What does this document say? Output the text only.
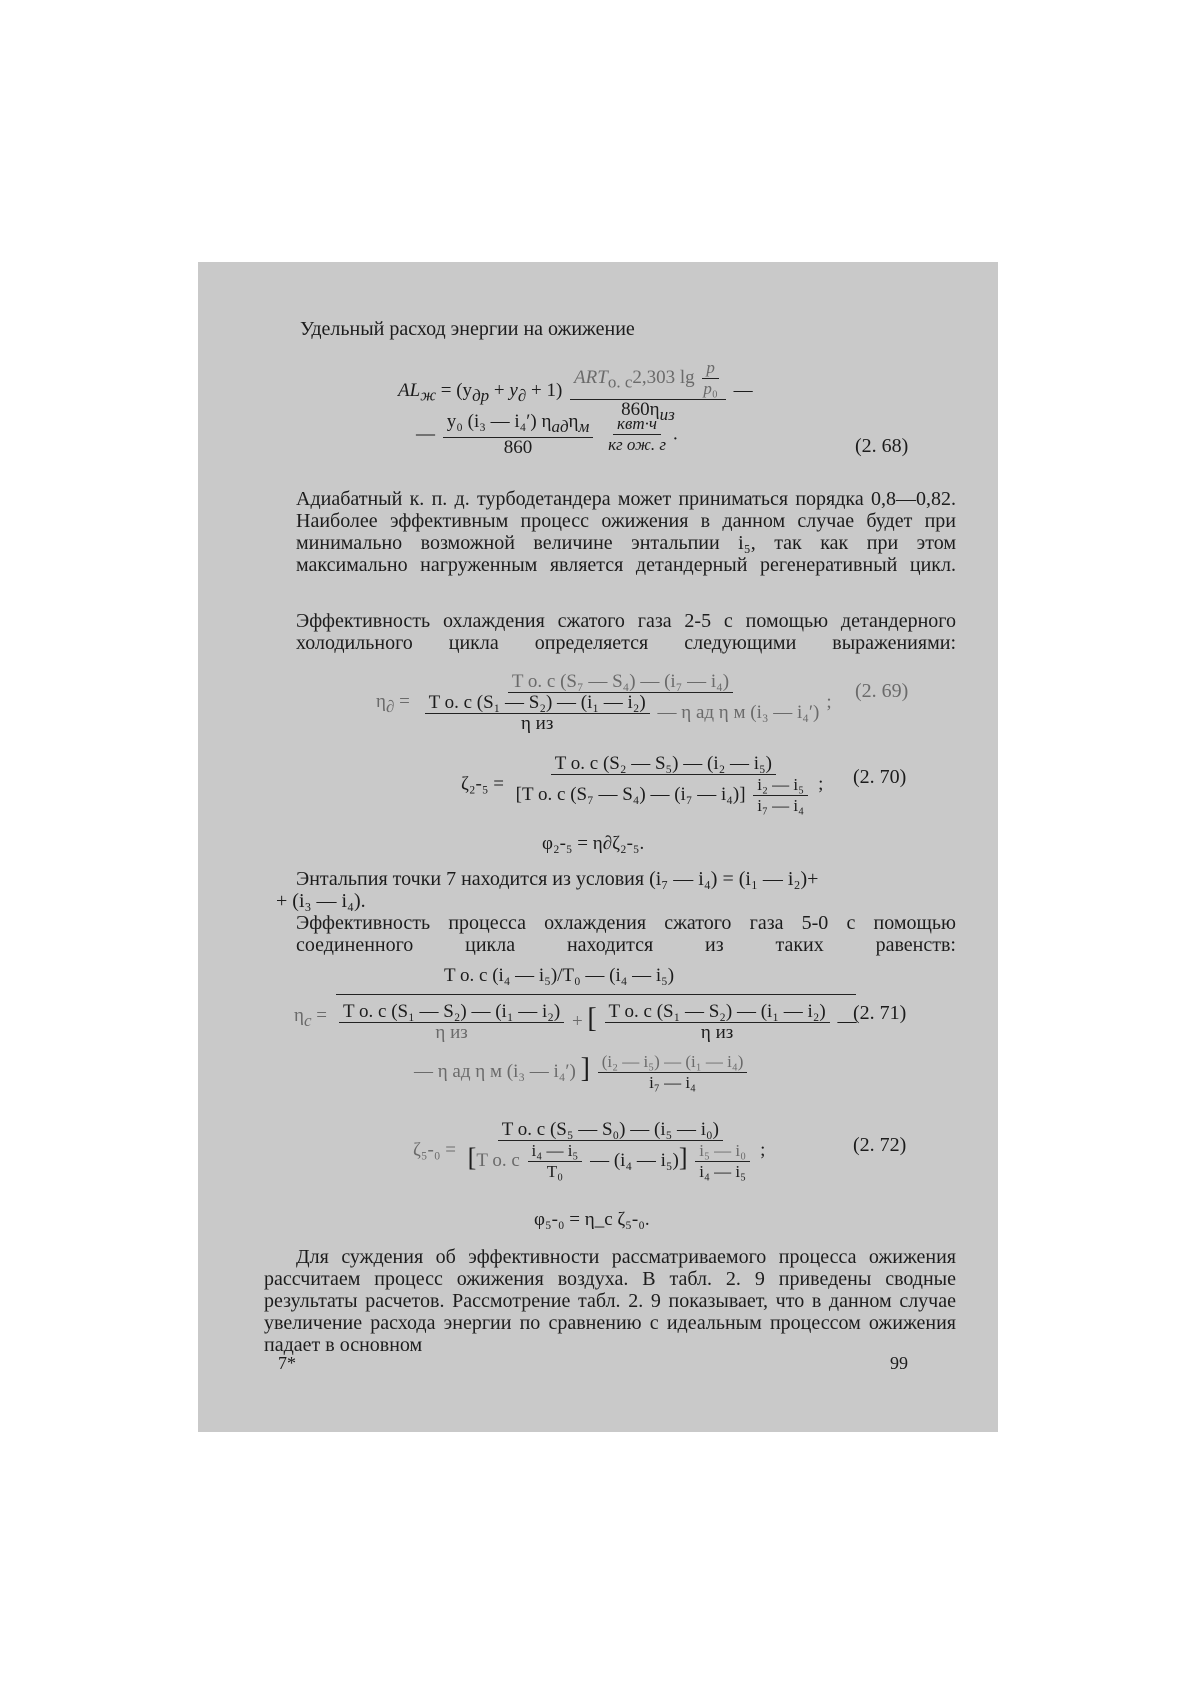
Удельный расход энергии на ожижение
$AL_ж = (y_{др} + y_\partial + 1) \frac{ART_{о. с}2,303 \lg \frac{p}{\text{p₀}}}{860\eta_{из}}$ —
— $\frac{y_0 (i_3 — i_4') \eta_{ад}\eta_м}{860}$
$\frac{\text{квт·ч}}{\text{кг ож. г}}$ .
(2. 68)
Адиабатный к. п. д. турбодетандера может приниматься порядка 0,8—0,82. Наиболее эффективным процесс ожижения в данном случае будет при минимально возможной величине энтальпии i₅, так как при этом максимально нагруженным является детандерный регенеративный цикл.
Эффективность охлаждения сжатого газа 2-5 с помощью детандерного холодильного цикла определяется следующими выражениями:
$\eta_\partial$ =
T о. с (S₇ — S₄) — (i₇ — i₄)
$\frac{\text{T о. с (S₁ — S₂) — (i₁ — i₂)}}{\text{η из}}$ — η ад η м (i₃ — i₄′) ; (2. 69)
$\zeta_2-_5 = \frac{\text{T о. с (S₂ — S₅) — (i₂ — i₅)}}{[T о. с (S_7 — S_4) — (i_7 — i_4)] \frac{\text{i₂ — i₅}}{\text{i₇ — i₄}}}$ ; (2. 70)
φ₂-₅ = η∂ζ₂-₅.
Энтальпия точки 7 находится из условия (i₇ — i₄) = (i₁ — i₂)+
+ (i₃ — i₄).
Эффективность процесса охлаждения сжатого газа 5-0 с помощью соединенного цикла находится из таких равенств:
$\eta_c$ =
T о. с (i₄ — i₅)/T₀ — (i₄ — i₅)
$\frac{\text{T о. с (S₁ — S₂) — (i₁ — i₂)}}{\text{η из}}$ + [ $\frac{\text{T о. с (S₁ — S₂) — (i₁ — i₂)}}{\text{η из}}$ —
— η ад η м (i₃ — i₄′) ] $\frac{\text{(i₂ — i₅) — (i₁ — i₄)}}{\text{i₇ — i₄}}$
(2. 71)
ζ₅-₀ =
T о. с (S₅ — S₀) — (i₅ — i₀)
[T о. с $\frac{\text{i₄ — i₅}}{\text{T₀}}$ — (i₄ — $i_5)] \frac{\text{i₅ — i₀}}{\text{i₄ — i₅}}$ ;	(2. 72)
φ₅-₀ = η_c ζ₅-₀.
Для суждения об эффективности рассматриваемого процесса ожижения рассчитаем процесс ожижения воздуха. В табл. 2. 9 приведены сводные результаты расчетов. Рассмотрение табл. 2. 9 показывает, что в данном случае увеличение расхода энергии по сравнению с идеальным процессом ожижения падает в основном
7*	99
